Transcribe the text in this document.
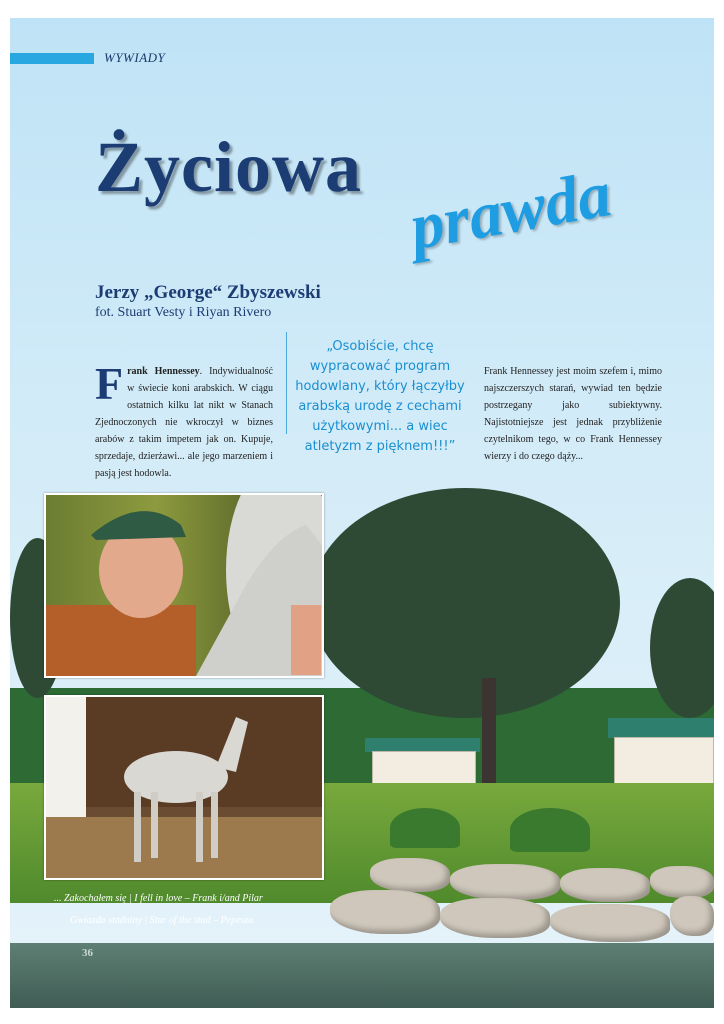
WYWIADY
Życiowa prawda
Jerzy „George“ Zbyszewski
fot. Stuart Vesty i Riyan Rivero
Frank Hennessey. Indywidualność w świecie koni arabskich. W ciągu ostatnich kilku lat nikt w Stanach Zjednoczonych nie wkroczył w biznes arabów z takim impetem jak on. Kupuje, sprzedaje, dzierżawi... ale jego marzeniem i pasją jest hodowla.
„Osobiście, chcę wypracować program hodowlany, który łączyłby arabską urodę z cechami użytkowymi... a wiec atletyzm z pięknem!!!”
Frank Hennessey jest moim szefem i, mimo najszczerszych starań, wywiad ten będzie postrzegany jako subiektywny. Najistotniejsze jest jednak przybliżenie czytelnikom tego, w co Frank Hennessey wierzy i do czego dąży...
... Zakochałem się | I fell in love – Frank i/and Pilar
Gwiazda stadniny | Star of the stud – Pepesza
36
